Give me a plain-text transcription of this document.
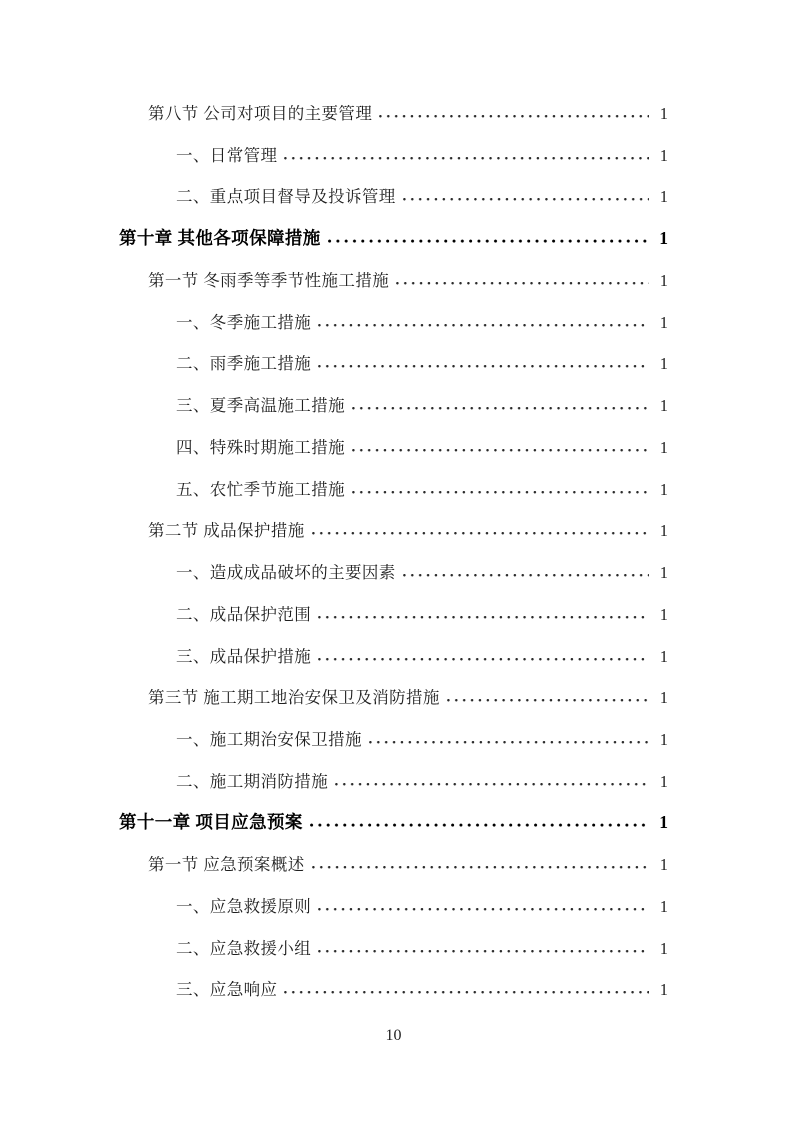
第八节 公司对项目的主要管理	1
一、日常管理	1
二、重点项目督导及投诉管理	1
第十章 其他各项保障措施	1
第一节 冬雨季等季节性施工措施	1
一、冬季施工措施	1
二、雨季施工措施	1
三、夏季高温施工措施	1
四、特殊时期施工措施	1
五、农忙季节施工措施	1
第二节 成品保护措施	1
一、造成成品破坏的主要因素	1
二、成品保护范围	1
三、成品保护措施	1
第三节 施工期工地治安保卫及消防措施	1
一、施工期治安保卫措施	1
二、施工期消防措施	1
第十一章 项目应急预案	1
第一节 应急预案概述	1
一、应急救援原则	1
二、应急救援小组	1
三、应急响应	1
10
